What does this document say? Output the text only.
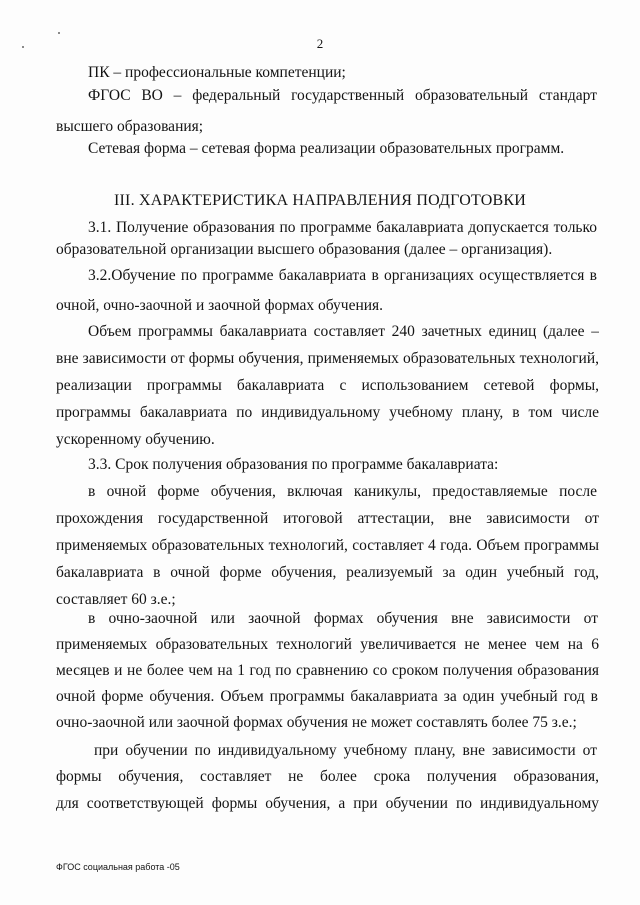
2
ПК – профессиональные компетенции;
ФГОС ВО – федеральный государственный образовательный стандарт
высшего образования;
Сетевая форма – сетевая форма реализации образовательных программ.
III. ХАРАКТЕРИСТИКА НАПРАВЛЕНИЯ ПОДГОТОВКИ
3.1. Получение образования по программе бакалавриата допускается только
образовательной организации высшего образования (далее – организация).
3.2.Обучение по программе бакалавриата в организациях осуществляется в
очной, очно-заочной и заочной формах обучения.
Объем программы бакалавриата составляет 240 зачетных единиц (далее –
вне зависимости от формы обучения, применяемых образовательных технологий,
реализации программы бакалавриата с использованием сетевой формы,
программы бакалавриата по индивидуальному учебному плану, в том числе
ускоренному обучению.
3.3. Срок получения образования по программе бакалавриата:
в очной форме обучения, включая каникулы, предоставляемые после
прохождения государственной итоговой аттестации, вне зависимости от
применяемых образовательных технологий, составляет 4 года. Объем программы
бакалавриата в очной форме обучения, реализуемый за один учебный год,
составляет 60 з.е.;
в очно-заочной или заочной формах обучения вне зависимости от
применяемых образовательных технологий увеличивается не менее чем на 6
месяцев и не более чем на 1 год по сравнению со сроком получения образования
очной форме обучения. Объем программы бакалавриата за один учебный год в
очно-заочной или заочной формах обучения не может составлять более 75 з.е.;
при обучении по индивидуальному учебному плану, вне зависимости от
формы обучения, составляет не более срока получения образования,
для соответствующей формы обучения, а при обучении по индивидуальному
ФГОС социальная работа -05
